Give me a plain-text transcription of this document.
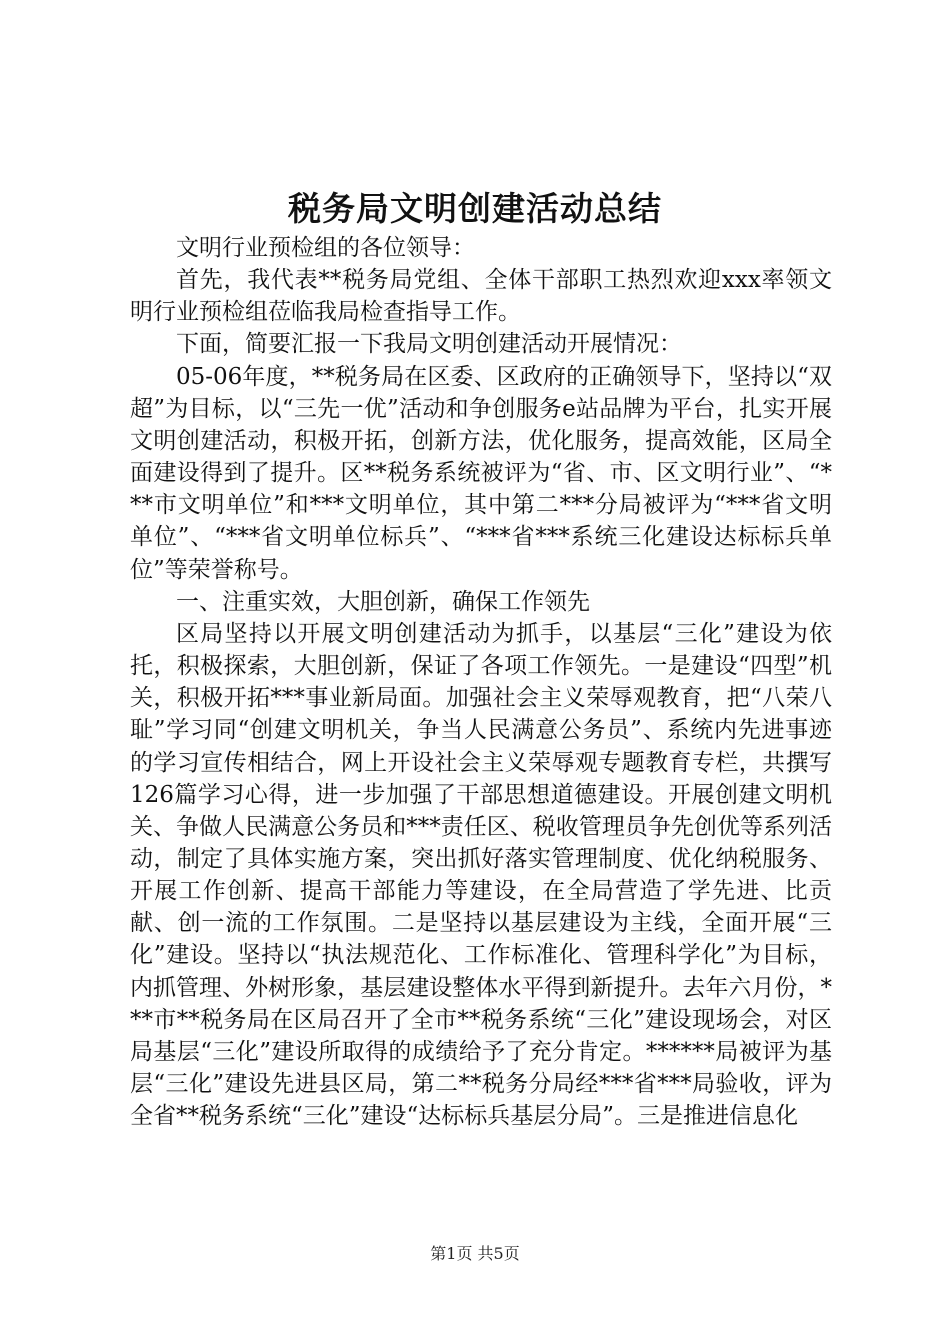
税务局文明创建活动总结

文明行业预检组的各位领导：

首先，我代表**税务局党组、全体干部职工热烈欢迎xxx率领文明行业预检组莅临我局检查指导工作。

下面，简要汇报一下我局文明创建活动开展情况：

05-06年度，**税务局在区委、区政府的正确领导下，坚持以“双超”为目标，以“三先一优”活动和争创服务e站品牌为平台，扎实开展文明创建活动，积极开拓，创新方法，优化服务，提高效能，区局全面建设得到了提升。区**税务系统被评为“省、市、区文明行业”、“***市文明单位”和***文明单位，其中第二***分局被评为“***省文明单位”、“***省文明单位标兵”、“***省***系统三化建设达标标兵单位”等荣誉称号。

一、注重实效，大胆创新，确保工作领先

区局坚持以开展文明创建活动为抓手，以基层“三化”建设为依托，积极探索，大胆创新，保证了各项工作领先。一是建设“四型”机关，积极开拓***事业新局面。加强社会主义荣辱观教育，把“八荣八耻”学习同“创建文明机关，争当人民满意公务员”、系统内先进事迹的学习宣传相结合，网上开设社会主义荣辱观专题教育专栏，共撰写126篇学习心得，进一步加强了干部思想道德建设。开展创建文明机关、争做人民满意公务员和***责任区、税收管理员争先创优等系列活动，制定了具体实施方案，突出抓好落实管理制度、优化纳税服务、开展工作创新、提高干部能力等建设，在全局营造了学先进、比贡献、创一流的工作氛围。二是坚持以基层建设为主线，全面开展“三化”建设。坚持以“执法规范化、工作标准化、管理科学化”为目标，内抓管理、外树形象，基层建设整体水平得到新提升。去年六月份，***市**税务局在区局召开了全市**税务系统“三化”建设现场会，对区局基层“三化”建设所取得的成绩给予了充分肯定。******局被评为基层“三化”建设先进县区局，第二**税务分局经***省***局验收，评为全省**税务系统“三化”建设“达标标兵基层分局”。三是推进信息化

第1页 共5页
